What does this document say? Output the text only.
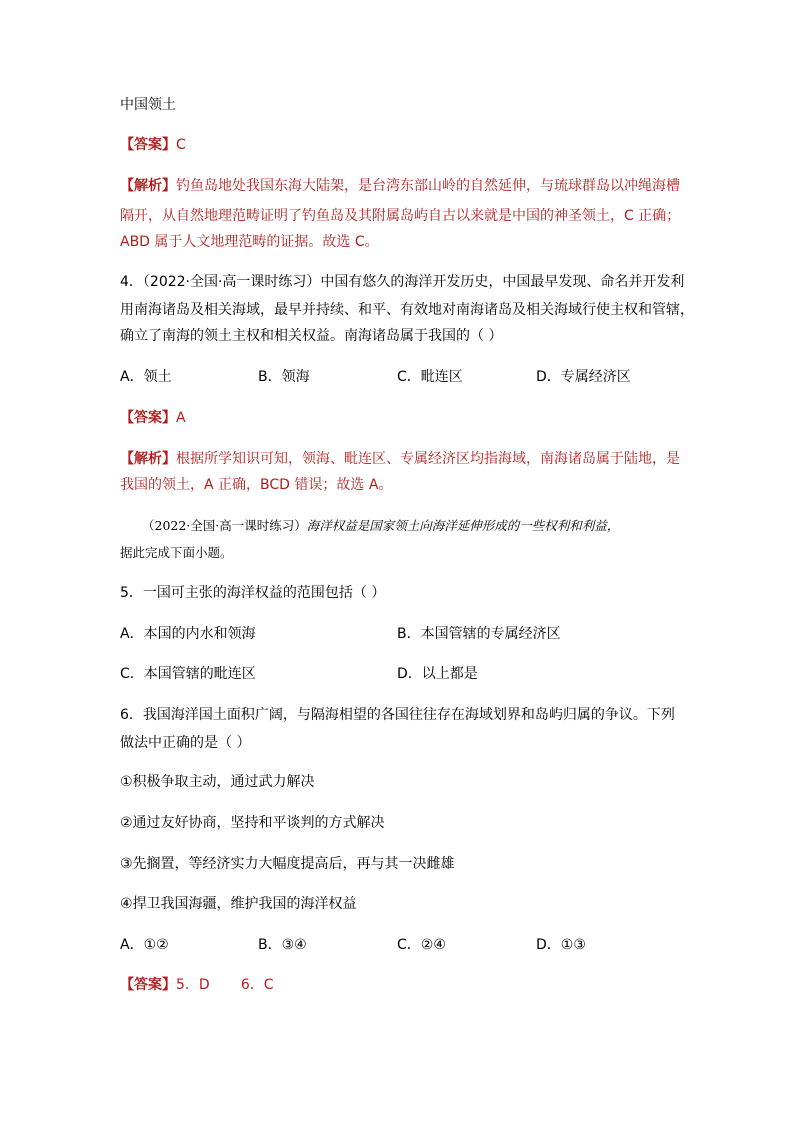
中国领土
【答案】C
【解析】钓鱼岛地处我国东海大陆架，是台湾东部山岭的自然延伸，与琉球群岛以冲绳海槽
隔开，从自然地理范畴证明了钓鱼岛及其附属岛屿自古以来就是中国的神圣领土，C 正确；
ABD 属于人文地理范畴的证据。故选 C。
4．（2022·全国·高一课时练习）中国有悠久的海洋开发历史，中国最早发现、命名并开发利
用南海诸岛及相关海域，最早并持续、和平、有效地对南海诸岛及相关海域行使主权和管辖，
确立了南海的领土主权和相关权益。南海诸岛属于我国的（ ）
A．领土	B．领海	C．毗连区	D．专属经济区
【答案】A
【解析】根据所学知识可知，领海、毗连区、专属经济区均指海域，南海诸岛属于陆地，是
我国的领土，A 正确，BCD 错误；故选 A。
（2022·全国·高一课时练习）海洋权益是国家领土向海洋延伸形成的一些权利和利益，
据此完成下面小题。
5．一国可主张的海洋权益的范围包括（ ）
A．本国的内水和领海	B．本国管辖的专属经济区
C．本国管辖的毗连区	D．以上都是
6．我国海洋国土面积广阔，与隔海相望的各国往往存在海域划界和岛屿归属的争议。下列
做法中正确的是（ ）
①积极争取主动，通过武力解决
②通过友好协商，坚持和平谈判的方式解决
③先搁置，等经济实力大幅度提高后，再与其一决雌雄
④捍卫我国海疆，维护我国的海洋权益
A．①②	B．③④	C．②④	D．①③
【答案】5．D       6．C
